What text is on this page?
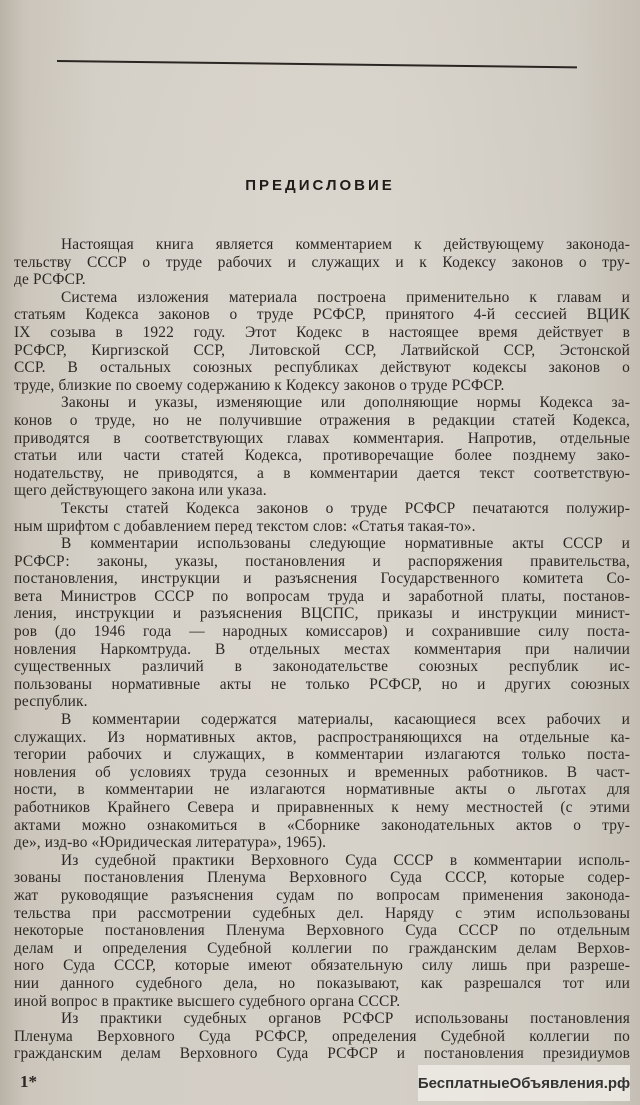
ПРЕДИСЛОВИЕ
Настоящая книга является комментарием к действующему законода-
тельству СССР о труде рабочих и служащих и к Кодексу законов о тру-
де РСФСР.
Система изложения материала построена применительно к главам и
статьям Кодекса законов о труде РСФСР, принятого 4-й сессией ВЦИК
IX созыва в 1922 году. Этот Кодекс в настоящее время действует в
РСФСР, Киргизской ССР, Литовской ССР, Латвийской ССР, Эстонской
ССР. В остальных союзных республиках действуют кодексы законов о
труде, близкие по своему содержанию к Кодексу законов о труде РСФСР.
Законы и указы, изменяющие или дополняющие нормы Кодекса за-
конов о труде, но не получившие отражения в редакции статей Кодекса,
приводятся в соответствующих главах комментария. Напротив, отдельные
статьи или части статей Кодекса, противоречащие более позднему зако-
нодательству, не приводятся, а в комментарии дается текст соответствую-
щего действующего закона или указа.
Тексты статей Кодекса законов о труде РСФСР печатаются полужир-
ным шрифтом с добавлением перед текстом слов: «Статья такая-то».
В комментарии использованы следующие нормативные акты СССР и
РСФСР: законы, указы, постановления и распоряжения правительства,
постановления, инструкции и разъяснения Государственного комитета Со-
вета Министров СССР по вопросам труда и заработной платы, постанов-
ления, инструкции и разъяснения ВЦСПС, приказы и инструкции минист-
ров (до 1946 года — народных комиссаров) и сохранившие силу поста-
новления Наркомтруда. В отдельных местах комментария при наличии
существенных различий в законодательстве союзных республик ис-
пользованы нормативные акты не только РСФСР, но и других союзных
республик.
В комментарии содержатся материалы, касающиеся всех рабочих и
служащих. Из нормативных актов, распространяющихся на отдельные ка-
тегории рабочих и служащих, в комментарии излагаются только поста-
новления об условиях труда сезонных и временных работников. В част-
ности, в комментарии не излагаются нормативные акты о льготах для
работников Крайнего Севера и приравненных к нему местностей (с этими
актами можно ознакомиться в «Сборнике законодательных актов о тру-
де», изд-во «Юридическая литература», 1965).
Из судебной практики Верховного Суда СССР в комментарии исполь-
зованы постановления Пленума Верховного Суда СССР, которые содер-
жат руководящие разъяснения судам по вопросам применения законода-
тельства при рассмотрении судебных дел. Наряду с этим использованы
некоторые постановления Пленума Верховного Суда СССР по отдельным
делам и определения Судебной коллегии по гражданским делам Верхов-
ного Суда СССР, которые имеют обязательную силу лишь при разреше-
нии данного судебного дела, но показывают, как разрешался тот или
иной вопрос в практике высшего судебного органа СССР.
Из практики судебных органов РСФСР использованы постановления
Пленума Верховного Суда РСФСР, определения Судебной коллегии по
гражданским делам Верховного Суда РСФСР и постановления президиумов
1*	БесплатныеОбъявления.рф
